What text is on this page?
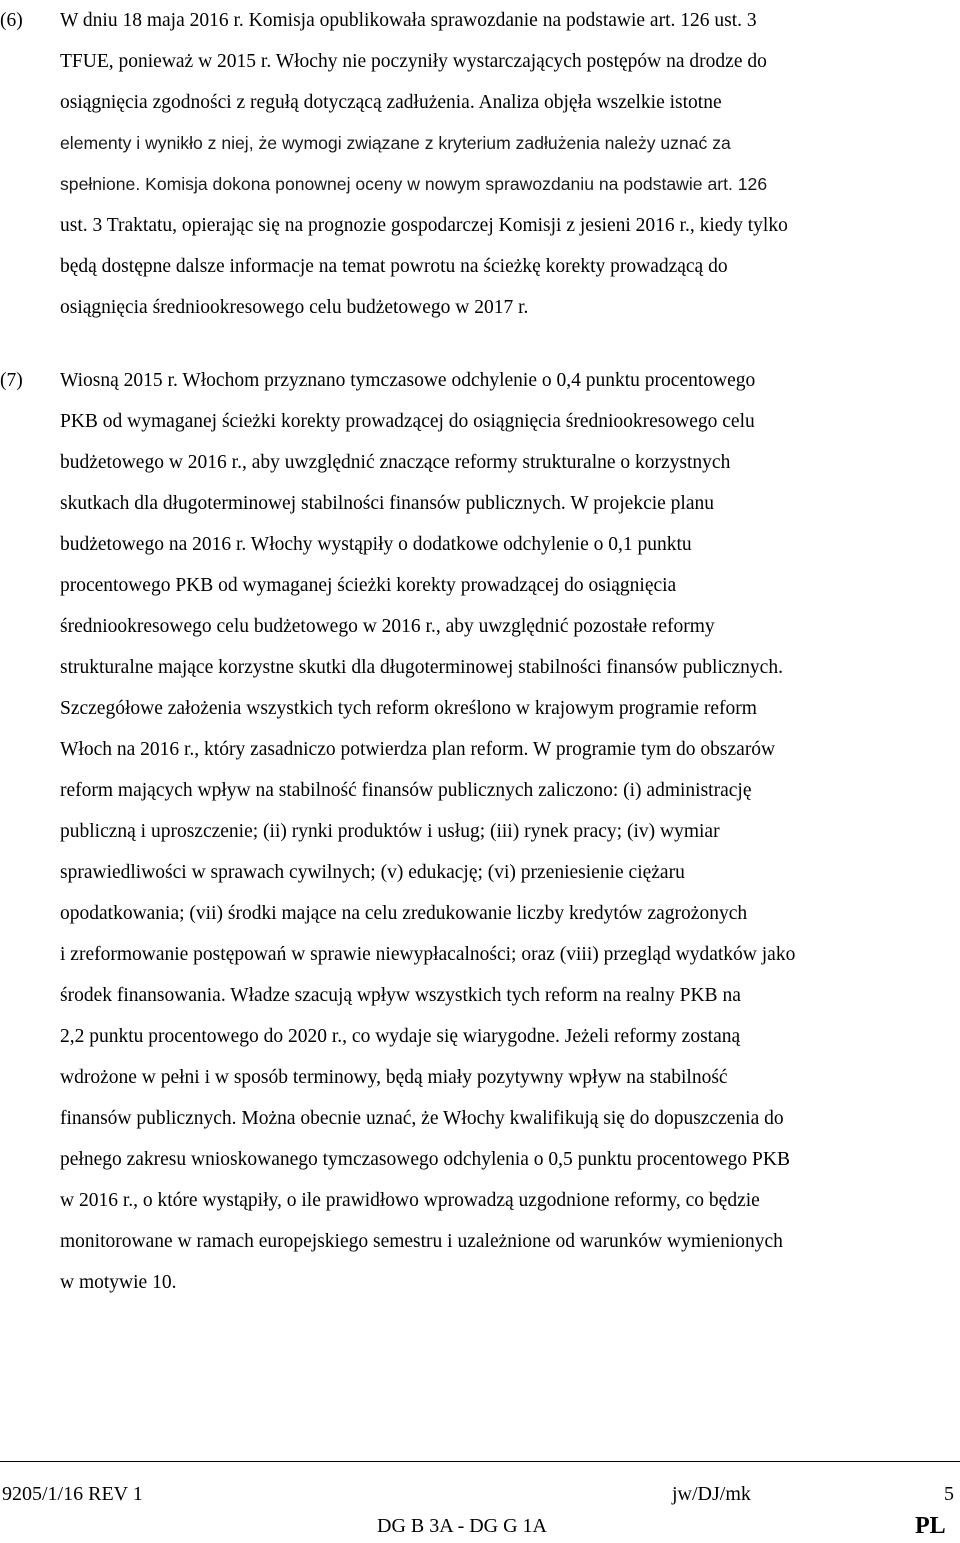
(6) W dniu 18 maja 2016 r. Komisja opublikowała sprawozdanie na podstawie art. 126 ust. 3
TFUE, ponieważ w 2015 r. Włochy nie poczyniły wystarczających postępów na drodze do
osiągnięcia zgodności z regułą dotyczącą zadłużenia. Analiza objęła wszelkie istotne
elementy i wynikło z niej, że wymogi związane z kryterium zadłużenia należy uznać za
spełnione. Komisja dokona ponownej oceny w nowym sprawozdaniu na podstawie art. 126
ust. 3 Traktatu, opierając się na prognozie gospodarczej Komisji z jesieni 2016 r., kiedy tylko
będą dostępne dalsze informacje na temat powrotu na ścieżkę korekty prowadzącą do
osiągnięcia średniookresowego celu budżetowego w 2017 r.
(7) Wiosną 2015 r. Włochom przyznano tymczasowe odchylenie o 0,4 punktu procentowego
PKB od wymaganej ścieżki korekty prowadzącej do osiągnięcia średniookresowego celu
budżetowego w 2016 r., aby uwzględnić znaczące reformy strukturalne o korzystnych
skutkach dla długoterminowej stabilności finansów publicznych. W projekcie planu
budżetowego na 2016 r. Włochy wystąpiły o dodatkowe odchylenie o 0,1 punktu
procentowego PKB od wymaganej ścieżki korekty prowadzącej do osiągnięcia
średniookresowego celu budżetowego w 2016 r., aby uwzględnić pozostałe reformy
strukturalne mające korzystne skutki dla długoterminowej stabilności finansów publicznych.
Szczegółowe założenia wszystkich tych reform określono w krajowym programie reform
Włoch na 2016 r., który zasadniczo potwierdza plan reform. W programie tym do obszarów
reform mających wpływ na stabilność finansów publicznych zaliczono: (i) administrację
publiczną i uproszczenie; (ii) rynki produktów i usług; (iii) rynek pracy; (iv) wymiar
sprawiedliwości w sprawach cywilnych; (v) edukację; (vi) przeniesienie ciężaru
opodatkowania; (vii) środki mające na celu zredukowanie liczby kredytów zagrożonych
i zreformowanie postępowań w sprawie niewypłacalności; oraz (viii) przegląd wydatków jako
środek finansowania. Władze szacują wpływ wszystkich tych reform na realny PKB na
2,2 punktu procentowego do 2020 r., co wydaje się wiarygodne. Jeżeli reformy zostaną
wdrożone w pełni i w sposób terminowy, będą miały pozytywny wpływ na stabilność
finansów publicznych. Można obecnie uznać, że Włochy kwalifikują się do dopuszczenia do
pełnego zakresu wnioskowanego tymczasowego odchylenia o 0,5 punktu procentowego PKB
w 2016 r., o które wystąpiły, o ile prawidłowo wprowadzą uzgodnione reformy, co będzie
monitorowane w ramach europejskiego semestru i uzależnione od warunków wymienionych
w motywie 10.
9205/1/16 REV 1	jw/DJ/mk	5
DG B 3A - DG G 1A	PL
